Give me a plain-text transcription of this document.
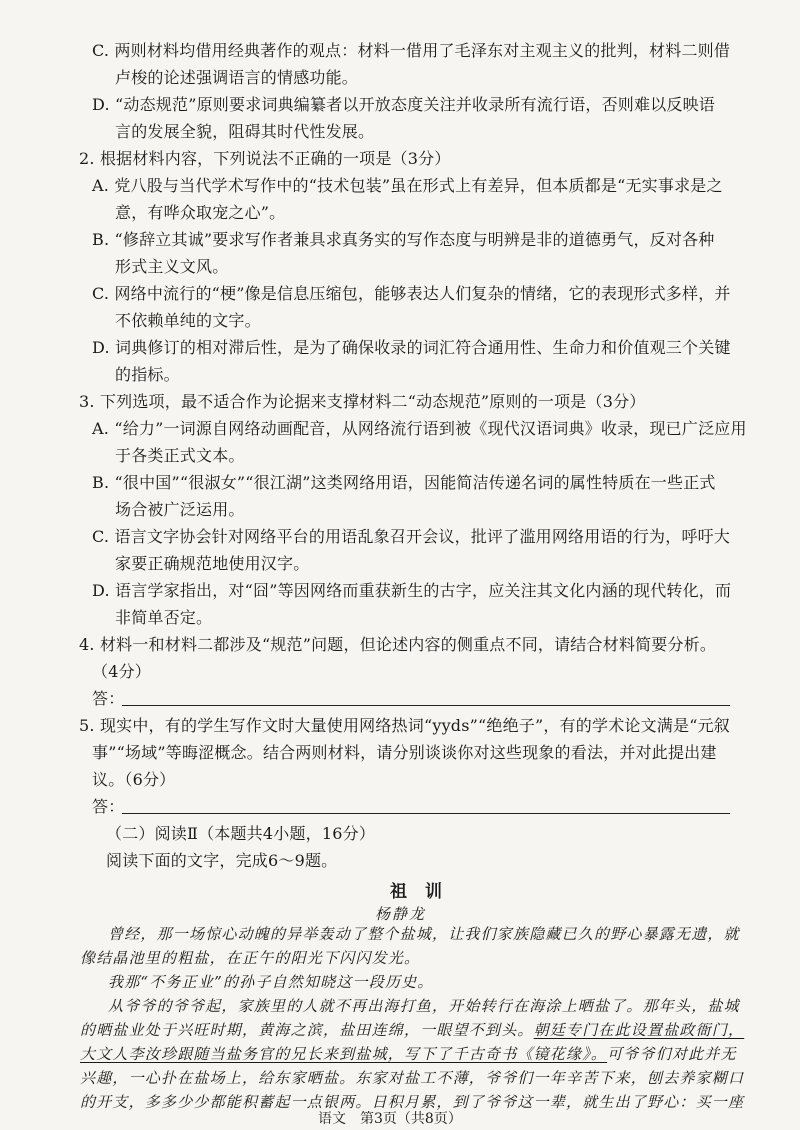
C. 两则材料均借用经典著作的观点：材料一借用了毛泽东对主观主义的批判，材料二则借
卢梭的论述强调语言的情感功能。
D. “动态规范”原则要求词典编纂者以开放态度关注并收录所有流行语，否则难以反映语
言的发展全貌，阻碍其时代性发展。
2. 根据材料内容，下列说法不正确的一项是（3分）
A. 党八股与当代学术写作中的“技术包装”虽在形式上有差异，但本质都是“无实事求是之
意，有哗众取宠之心”。
B. “修辞立其诚”要求写作者兼具求真务实的写作态度与明辨是非的道德勇气，反对各种
形式主义文风。
C. 网络中流行的“梗”像是信息压缩包，能够表达人们复杂的情绪，它的表现形式多样，并
不依赖单纯的文字。
D. 词典修订的相对滞后性，是为了确保收录的词汇符合通用性、生命力和价值观三个关键
的指标。
3. 下列选项，最不适合作为论据来支撑材料二“动态规范”原则的一项是（3分）
A. “给力”一词源自网络动画配音，从网络流行语到被《现代汉语词典》收录，现已广泛应用
于各类正式文本。
B. “很中国”“很淑女”“很江湖”这类网络用语，因能简洁传递名词的属性特质在一些正式
场合被广泛运用。
C. 语言文字协会针对网络平台的用语乱象召开会议，批评了滥用网络用语的行为，呼吁大
家要正确规范地使用汉字。
D. 语言学家指出，对“囧”等因网络而重获新生的古字，应关注其文化内涵的现代转化，而
非简单否定。
4. 材料一和材料二都涉及“规范”问题，但论述内容的侧重点不同，请结合材料简要分析。
（4分）
答：
5. 现实中，有的学生写作文时大量使用网络热词“yyds”“绝绝子”，有的学术论文满是“元叙
事”“场域”等晦涩概念。结合两则材料，请分别谈谈你对这些现象的看法，并对此提出建
议。（6分）
答：
（二）阅读Ⅱ（本题共4小题，16分）
阅读下面的文字，完成6～9题。
祖训
杨静龙
曾经，那一场惊心动魄的异举轰动了整个盐城，让我们家族隐藏已久的野心暴露无遗，就
像结晶池里的粗盐，在正午的阳光下闪闪发光。
我那“不务正业”的孙子自然知晓这一段历史。
从爷爷的爷爷起，家族里的人就不再出海打鱼，开始转行在海涂上晒盐了。那年头，盐城
的晒盐业处于兴旺时期，黄海之滨，盐田连绵，一眼望不到头。朝廷专门在此设置盐政衙门，
大文人李汝珍跟随当盐务官的兄长来到盐城，写下了千古奇书《镜花缘》。可爷爷们对此并无
兴趣，一心扑在盐场上，给东家晒盐。东家对盐工不薄，爷爷们一年辛苦下来，刨去养家糊口
的开支，多多少少都能积蓄起一点银两。日积月累，到了爷爷这一辈，就生出了野心：买一座
语文　第3页（共8页）
